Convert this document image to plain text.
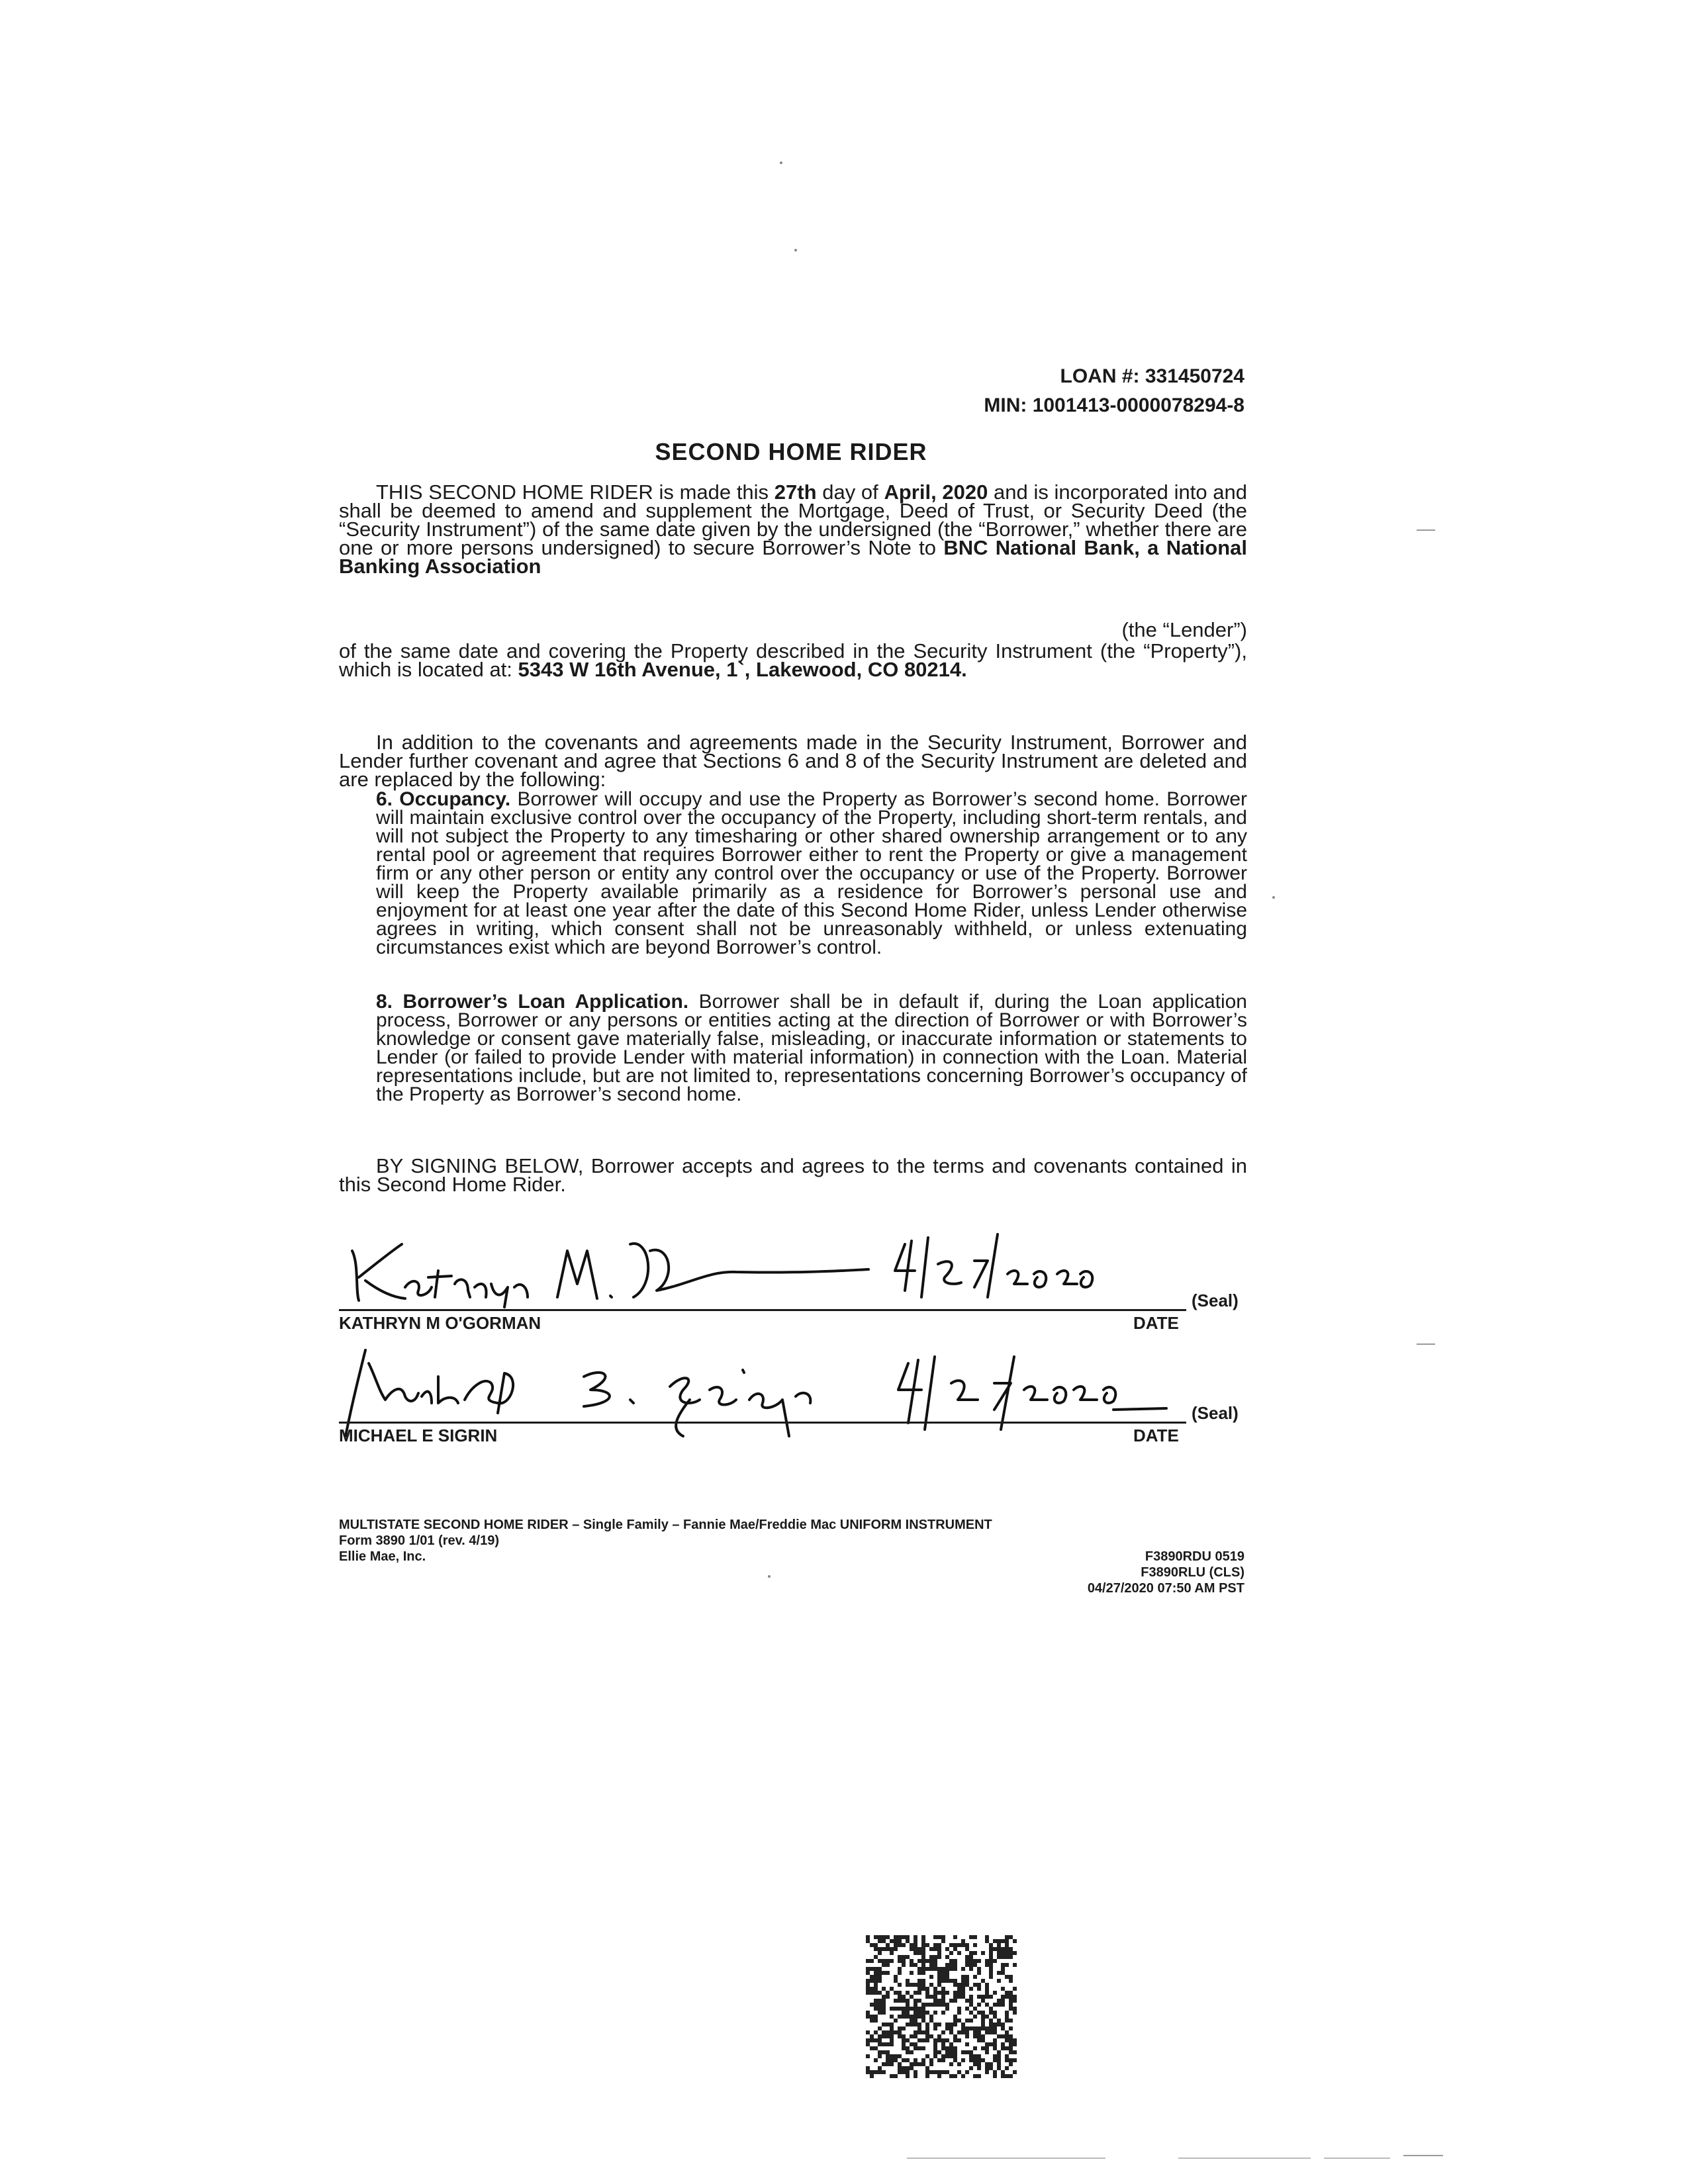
LOAN #: 331450724
MIN: 1001413-0000078294-8
SECOND HOME RIDER
THIS SECOND HOME RIDER is made this 27th day of April, 2020 and is incorporated into and shall be deemed to amend and supplement the Mortgage, Deed of Trust, or Security Deed (the “Security Instrument”) of the same date given by the undersigned (the “Borrower,” whether there are one or more persons undersigned) to secure Borrower’s Note to BNC National Bank, a National Banking Association
(the “Lender”)
of the same date and covering the Property described in the Security Instrument (the “Property”), which is located at: 5343 W 16th Avenue, 1`, Lakewood, CO 80214.
In addition to the covenants and agreements made in the Security Instrument, Borrower and Lender further covenant and agree that Sections 6 and 8 of the Security Instrument are deleted and are replaced by the following:
6. Occupancy. Borrower will occupy and use the Property as Borrower’s second home. Borrower will maintain exclusive control over the occupancy of the Property, including short-term rentals, and will not subject the Property to any timesharing or other shared ownership arrangement or to any rental pool or agreement that requires Borrower either to rent the Property or give a management firm or any other person or entity any control over the occupancy or use of the Property. Borrower will keep the Property available primarily as a residence for Borrower’s personal use and enjoyment for at least one year after the date of this Second Home Rider, unless Lender otherwise agrees in writing, which consent shall not be unreasonably withheld, or unless extenuating circumstances exist which are beyond Borrower’s control.
8. Borrower’s Loan Application. Borrower shall be in default if, during the Loan application process, Borrower or any persons or entities acting at the direction of Borrower or with Borrower’s knowledge or consent gave materially false, misleading, or inaccurate information or statements to Lender (or failed to provide Lender with material information) in connection with the Loan. Material representations include, but are not limited to, representations concerning Borrower’s occupancy of the Property as Borrower’s second home.
BY SIGNING BELOW, Borrower accepts and agrees to the terms and covenants contained in this Second Home Rider.
KATHRYN M O'GORMAN	DATE
(Seal)
MICHAEL E SIGRIN	DATE
(Seal)
MULTISTATE SECOND HOME RIDER – Single Family – Fannie Mae/Freddie Mac UNIFORM INSTRUMENT
Form 3890 1/01 (rev. 4/19)
Ellie Mae, Inc.	F3890RDU 0519
F3890RLU (CLS)
04/27/2020 07:50 AM PST
